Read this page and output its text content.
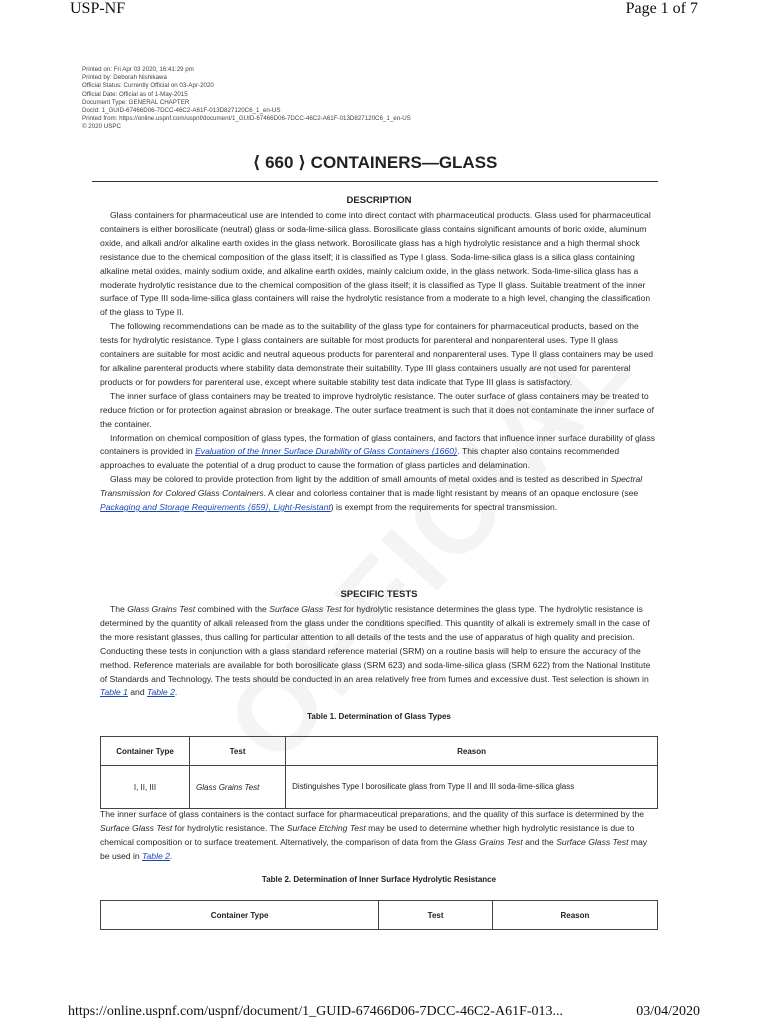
USP-NF	Page 1 of 7
Printed on: Fri Apr 03 2020, 16:41:29 pm
Printed by: Deborah Nishikawa
Official Status: Currently Official on 03-Apr-2020
Official Date: Official as of 1-May-2015
Document Type: GENERAL CHAPTER
DocId: 1_GUID-67466D06-7DCC-46C2-A61F-013D827120C6_1_en-US
Printed from: https://online.uspnf.com/uspnf/document/1_GUID-67466D06-7DCC-46C2-A61F-013D827120C6_1_en-US
© 2020 USPC
⟨ 660 ⟩ CONTAINERS—GLASS
DESCRIPTION

Glass containers for pharmaceutical use are intended to come into direct contact with pharmaceutical products. Glass used for pharmaceutical containers is either borosilicate (neutral) glass or soda-lime-silica glass. Borosilicate glass contains significant amounts of boric oxide, aluminum oxide, and alkali and/or alkaline earth oxides in the glass network. Borosilicate glass has a high hydrolytic resistance and a high thermal shock resistance due to the chemical composition of the glass itself; it is classified as Type I glass. Soda-lime-silica glass is a silica glass containing alkaline metal oxides, mainly sodium oxide, and alkaline earth oxides, mainly calcium oxide, in the glass network. Soda-lime-silica glass has a moderate hydrolytic resistance due to the chemical composition of the glass itself; it is classified as Type II glass. Suitable treatment of the inner surface of Type III soda-lime-silica glass containers will raise the hydrolytic resistance from a moderate to a high level, changing the classification of the glass to Type II.

The following recommendations can be made as to the suitability of the glass type for containers for pharmaceutical products, based on the tests for hydrolytic resistance. Type I glass containers are suitable for most products for parenteral and nonparenteral uses. Type II glass containers are suitable for most acidic and neutral aqueous products for parenteral and nonparenteral uses. Type II glass containers may be used for alkaline parenteral products where stability data demonstrate their suitability. Type III glass containers usually are not used for parenteral products or for powders for parenteral use, except where suitable stability test data indicate that Type III glass is satisfactory.

The inner surface of glass containers may be treated to improve hydrolytic resistance. The outer surface of glass containers may be treated to reduce friction or for protection against abrasion or breakage. The outer surface treatment is such that it does not contaminate the inner surface of the container.

Information on chemical composition of glass types, the formation of glass containers, and factors that influence inner surface durability of glass containers is provided in Evaluation of the Inner Surface Durability of Glass Containers ⟨1660⟩. This chapter also contains recommended approaches to evaluate the potential of a drug product to cause the formation of glass particles and delamination.

Glass may be colored to provide protection from light by the addition of small amounts of metal oxides and is tested as described in Spectral Transmission for Colored Glass Containers. A clear and colorless container that is made light resistant by means of an opaque enclosure (see Packaging and Storage Requirements ⟨659⟩, Light-Resistant) is exempt from the requirements for spectral transmission.

SPECIFIC TESTS

The Glass Grains Test combined with the Surface Glass Test for hydrolytic resistance determines the glass type. The hydrolytic resistance is determined by the quantity of alkali released from the glass under the conditions specified. This quantity of alkali is extremely small in the case of the more resistant glasses, thus calling for particular attention to all details of the tests and the use of apparatus of high quality and precision. Conducting these tests in conjunction with a glass standard reference material (SRM) on a routine basis will help to ensure the accuracy of the method. Reference materials are available for both borosilicate glass (SRM 623) and soda-lime-silica glass (SRM 622) from the National Institute of Standards and Technology. The tests should be conducted in an area relatively free from fumes and excessive dust. Test selection is shown in Table 1 and Table 2.

Table 1. Determination of Glass Types
Container Type	Test	Reason
I, II, III	Glass Grains Test	Distinguishes Type I borosilicate glass from Type II and III soda-lime-silica glass

The inner surface of glass containers is the contact surface for pharmaceutical preparations, and the quality of this surface is determined by the Surface Glass Test for hydrolytic resistance. The Surface Etching Test may be used to determine whether high hydrolytic resistance is due to chemical composition or to surface treatement. Alternatively, the comparison of data from the Glass Grains Test and the Surface Glass Test may be used in Table 2.

Table 2. Determination of Inner Surface Hydrolytic Resistance
Container Type	Test	Reason
https://online.uspnf.com/uspnf/document/1_GUID-67466D06-7DCC-46C2-A61F-013...	03/04/2020
